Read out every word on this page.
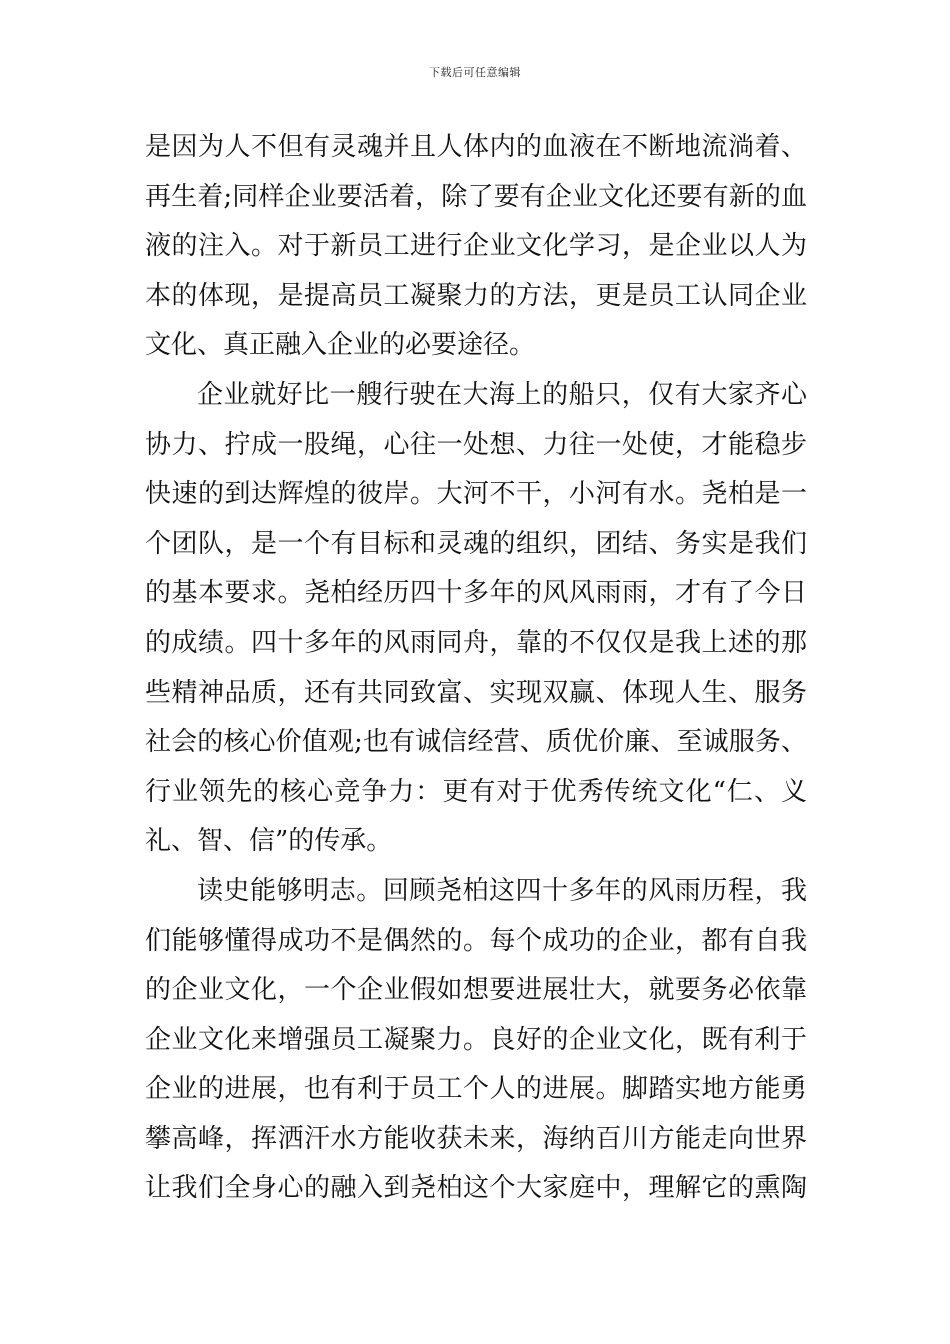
下载后可任意编辑
是因为人不但有灵魂并且人体内的血液在不断地流淌着、
再生着;同样企业要活着，除了要有企业文化还要有新的血
液的注入。对于新员工进行企业文化学习，是企业以人为
本的体现，是提高员工凝聚力的方法，更是员工认同企业
文化、真正融入企业的必要途径。
企业就好比一艘行驶在大海上的船只，仅有大家齐心
协力、拧成一股绳，心往一处想、力往一处使，才能稳步
快速的到达辉煌的彼岸。大河不干，小河有水。尧柏是一
个团队，是一个有目标和灵魂的组织，团结、务实是我们
的基本要求。尧柏经历四十多年的风风雨雨，才有了今日
的成绩。四十多年的风雨同舟，靠的不仅仅是我上述的那
些精神品质，还有共同致富、实现双赢、体现人生、服务
社会的核心价值观;也有诚信经营、质优价廉、至诚服务、
行业领先的核心竞争力：更有对于优秀传统文化“仁、义
礼、智、信”的传承。
读史能够明志。回顾尧柏这四十多年的风雨历程，我
们能够懂得成功不是偶然的。每个成功的企业，都有自我
的企业文化，一个企业假如想要进展壮大，就要务必依靠
企业文化来增强员工凝聚力。良好的企业文化，既有利于
企业的进展，也有利于员工个人的进展。脚踏实地方能勇
攀高峰，挥洒汗水方能收获未来，海纳百川方能走向世界
让我们全身心的融入到尧柏这个大家庭中，理解它的熏陶
